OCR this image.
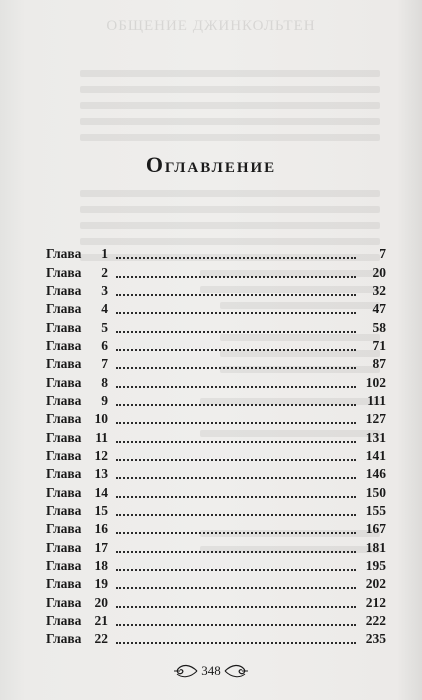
ОБЩЕНИЕ ДЖИНКОЛЬТЕН
Оглавление
Глава	1	7
Глава	2	20
Глава	3	32
Глава	4	47
Глава	5	58
Глава	6	71
Глава	7	87
Глава	8	102
Глава	9	111
Глава 10	127
Глава	11	131
Глава 12	141
Глава 13	146
Глава 14	150
Глава 15	155
Глава 16	167
Глава 17	181
Глава 18	195
Глава 19	202
Глава 20	212
Глава 21	222
Глава 22	235
348
